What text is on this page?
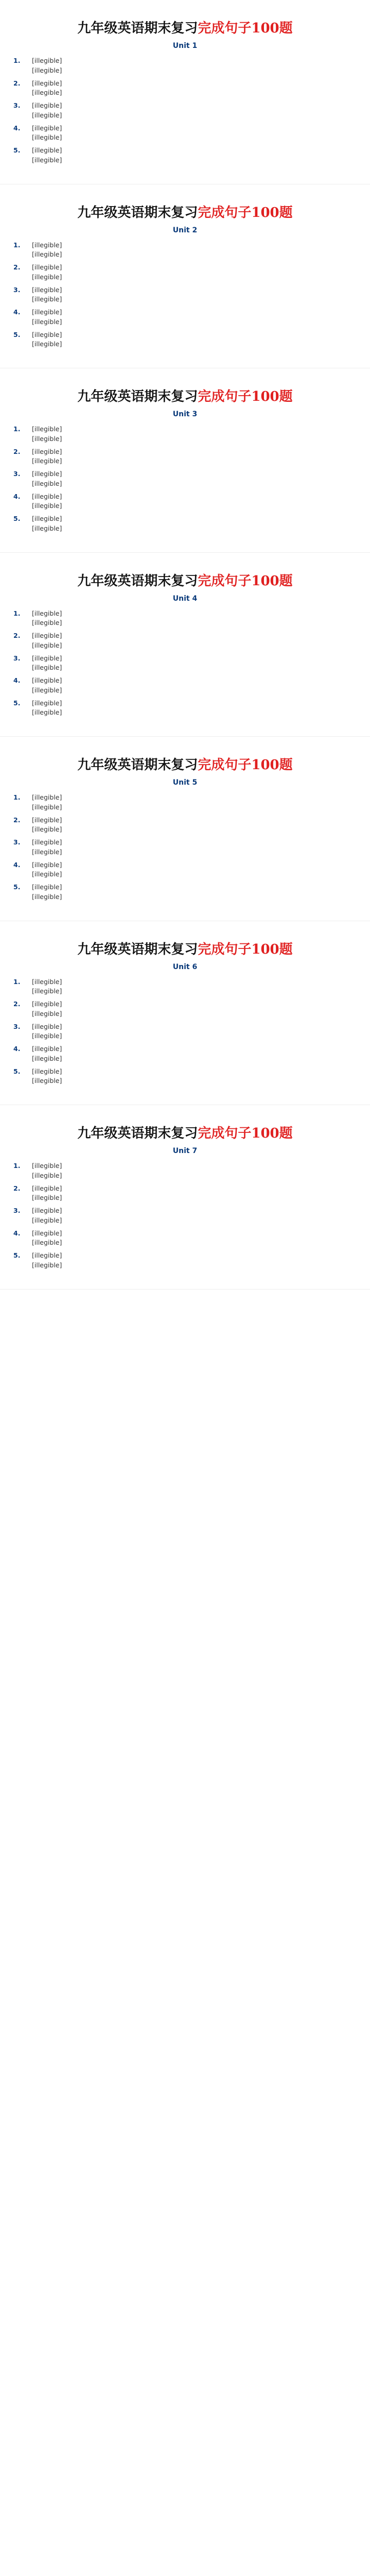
九年级英语期末复习完成句子100题
Unit 1
1.	[illegible]
[illegible]
2.	[illegible]
[illegible]
3.	[illegible]
[illegible]
4.	[illegible]
[illegible]
5.	[illegible]
[illegible]
九年级英语期末复习完成句子100题
Unit 2
1.	[illegible]
[illegible]
2.	[illegible]
[illegible]
3.	[illegible]
[illegible]
4.	[illegible]
[illegible]
5.	[illegible]
[illegible]
九年级英语期末复习完成句子100题
Unit 3
1.	[illegible]
[illegible]
2.	[illegible]
[illegible]
3.	[illegible]
[illegible]
4.	[illegible]
[illegible]
5.	[illegible]
[illegible]
九年级英语期末复习完成句子100题
Unit 4
1.	[illegible]
[illegible]
2.	[illegible]
[illegible]
3.	[illegible]
[illegible]
4.	[illegible]
[illegible]
5.	[illegible]
[illegible]
九年级英语期末复习完成句子100题
Unit 5
1.	[illegible]
[illegible]
2.	[illegible]
[illegible]
3.	[illegible]
[illegible]
4.	[illegible]
[illegible]
5.	[illegible]
[illegible]
九年级英语期末复习完成句子100题
Unit 6
1.	[illegible]
[illegible]
2.	[illegible]
[illegible]
3.	[illegible]
[illegible]
4.	[illegible]
[illegible]
5.	[illegible]
[illegible]
九年级英语期末复习完成句子100题
Unit 7
1.	[illegible]
[illegible]
2.	[illegible]
[illegible]
3.	[illegible]
[illegible]
4.	[illegible]
[illegible]
5.	[illegible]
[illegible]
